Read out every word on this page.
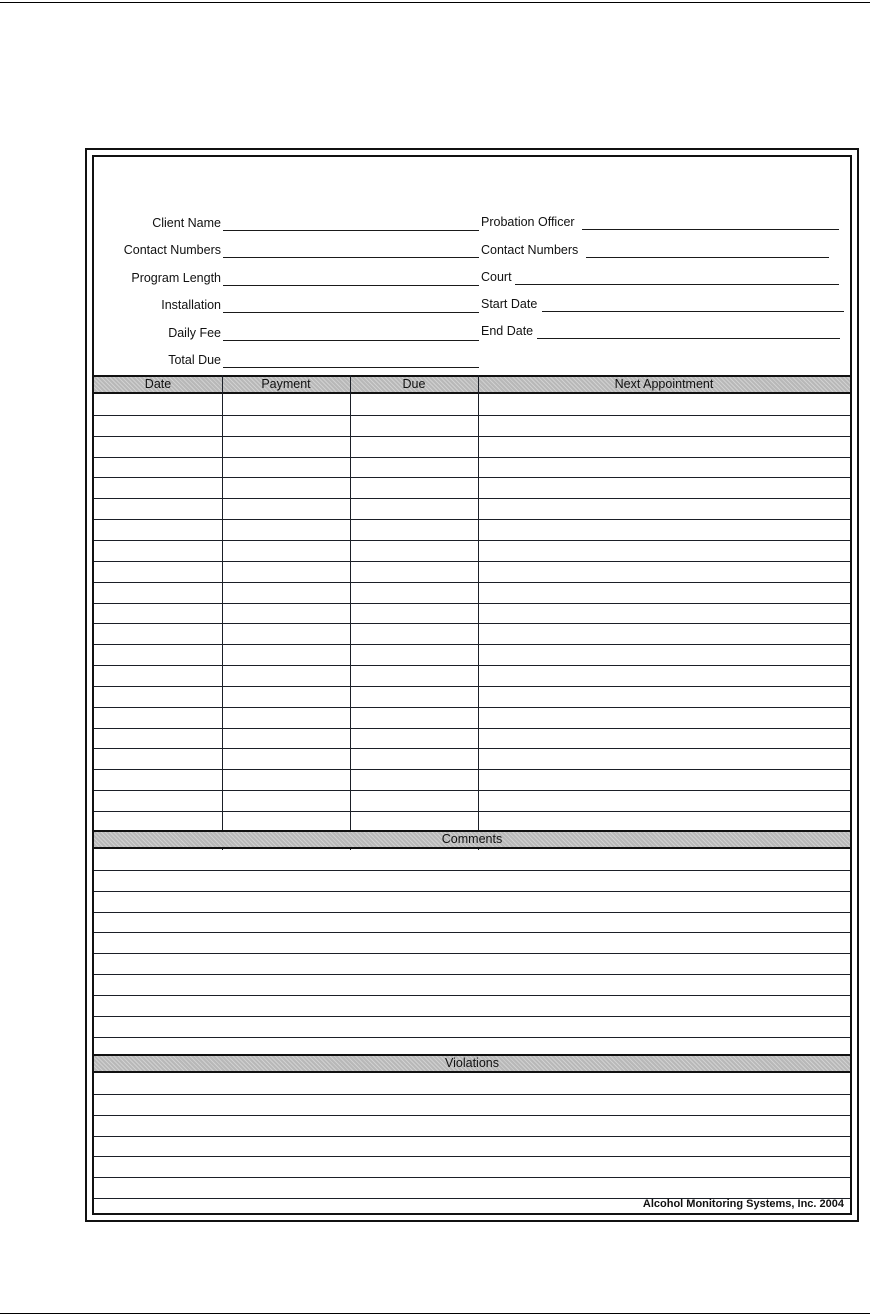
Client Name
Contact Numbers
Program Length
Installation
Daily Fee
Total Due
Probation Officer
Contact Numbers
Court
Start Date
End Date
Date	Payment	Due	Next Appointment
Comments
Violations
Alcohol Monitoring Systems, Inc. 2004
